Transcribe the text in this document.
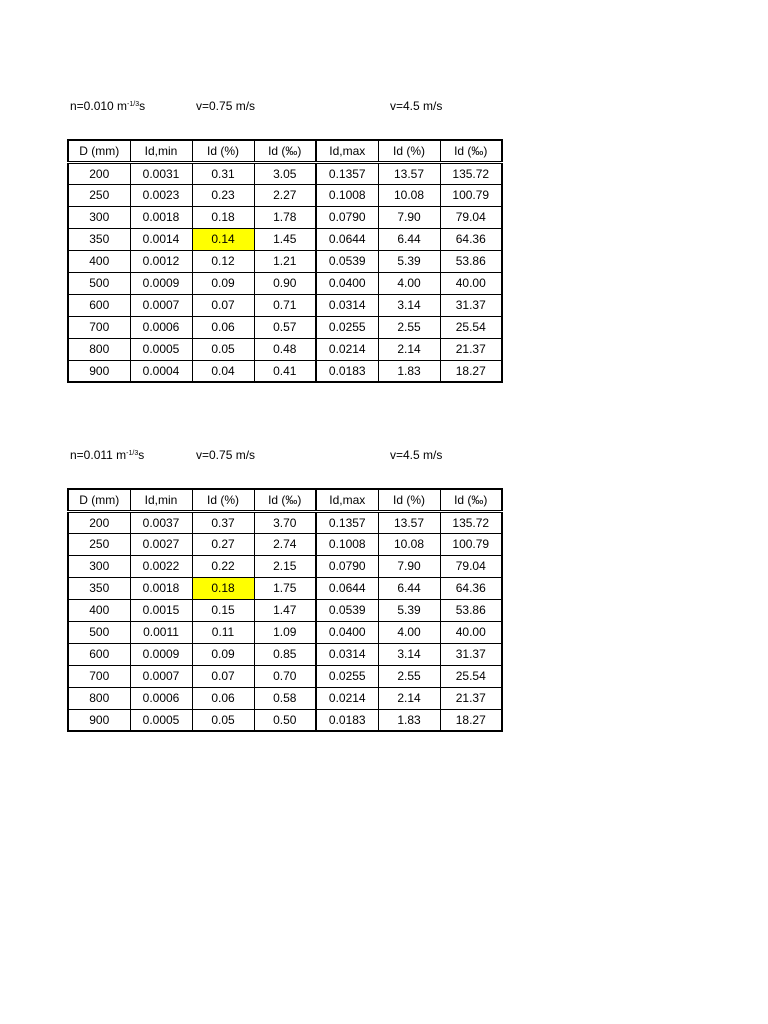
n=0.010 $m^{-1/3}s$	v=0.75 m/s	v=4.5 m/s
D (mm)	Id,min	Id (%)	Id (‰)	Id,max	Id (%)	Id (‰)
200	0.0031	0.31	3.05	0.1357	13.57	135.72
250	0.0023	0.23	2.27	0.1008	10.08	100.79
300	0.0018	0.18	1.78	0.0790	7.90	79.04
350	0.0014	0.14	1.45	0.0644	6.44	64.36
400	0.0012	0.12	1.21	0.0539	5.39	53.86
500	0.0009	0.09	0.90	0.0400	4.00	40.00
600	0.0007	0.07	0.71	0.0314	3.14	31.37
700	0.0006	0.06	0.57	0.0255	2.55	25.54
800	0.0005	0.05	0.48	0.0214	2.14	21.37
900	0.0004	0.04	0.41	0.0183	1.83	18.27
n=0.011 $m^{-1/3}s$	v=0.75 m/s	v=4.5 m/s
D (mm)	Id,min	Id (%)	Id (‰)	Id,max	Id (%)	Id (‰)
200	0.0037	0.37	3.70	0.1357	13.57	135.72
250	0.0027	0.27	2.74	0.1008	10.08	100.79
300	0.0022	0.22	2.15	0.0790	7.90	79.04
350	0.0018	0.18	1.75	0.0644	6.44	64.36
400	0.0015	0.15	1.47	0.0539	5.39	53.86
500	0.0011	0.11	1.09	0.0400	4.00	40.00
600	0.0009	0.09	0.85	0.0314	3.14	31.37
700	0.0007	0.07	0.70	0.0255	2.55	25.54
800	0.0006	0.06	0.58	0.0214	2.14	21.37
900	0.0005	0.05	0.50	0.0183	1.83	18.27
